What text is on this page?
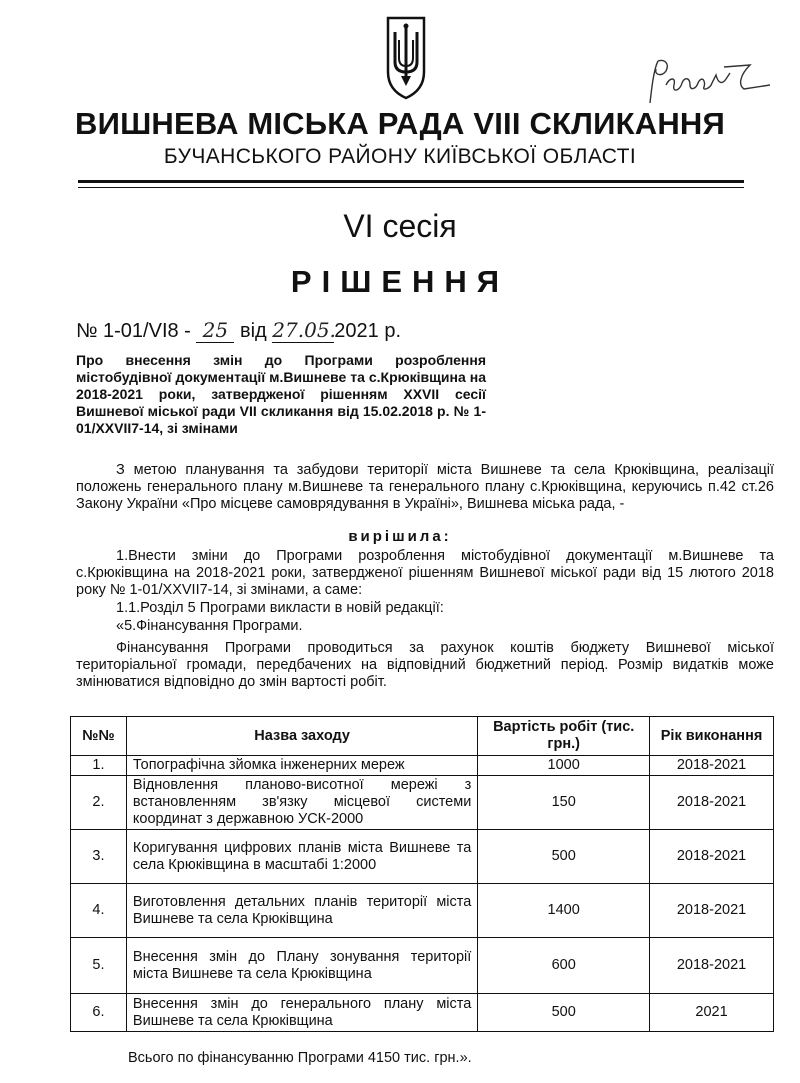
ВИШНЕВА МІСЬКА РАДА VIII СКЛИКАННЯ
БУЧАНСЬКОГО РАЙОНУ КИЇВСЬКОЇ ОБЛАСТІ
VI сесія
РІШЕННЯ
№ 1-01/VI8 - 25 від 27.05.2021 р.
Про внесення змін до Програми розроблення містобудівної документації м.Вишневе та с.Крюківщина на 2018-2021 роки, затвердженої рішенням XXVII сесії Вишневої міської ради VII скликання від 15.02.2018 р. № 1-01/XXVII7-14, зі змінами
З метою планування та забудови території міста Вишневе та села Крюківщина, реалізації положень генерального плану м.Вишневе та генерального плану с.Крюківщина, керуючись п.42 ст.26 Закону України «Про місцеве самоврядування в Україні», Вишнева міська рада, -
вирішила:
1.Внести зміни до Програми розроблення містобудівної документації м.Вишневе та с.Крюківщина на 2018-2021 роки, затвердженої рішенням Вишневої міської ради від 15 лютого 2018 року № 1-01/XXVII7-14, зі змінами, а саме:
1.1.Розділ 5 Програми викласти в новій редакції:
«5.Фінансування Програми.
Фінансування Програми проводиться за рахунок коштів бюджету Вишневої міської територіальної громади, передбачених на відповідний бюджетний період. Розмір видатків може змінюватися відповідно до змін вартості робіт.
№№	Назва заходу	Вартість робіт (тис. грн.)	Рік виконання
1.	Топографічна зйомка інженерних мереж	1000	2018-2021
2.	Відновлення планово-висотної мережі з встановленням зв'язку місцевої системи координат з державною УСК-2000	150	2018-2021
3.	Коригування цифрових планів міста Вишневе та села Крюківщина в масштабі 1:2000	500	2018-2021
4.	Виготовлення детальних планів території міста Вишневе та села Крюківщина	1400	2018-2021
5.	Внесення змін до Плану зонування території міста Вишневе та села Крюківщина	600	2018-2021
6.	Внесення змін до генерального плану міста Вишневе та села Крюківщина	500	2021
Всього по фінансуванню Програми 4150 тис. грн.».
